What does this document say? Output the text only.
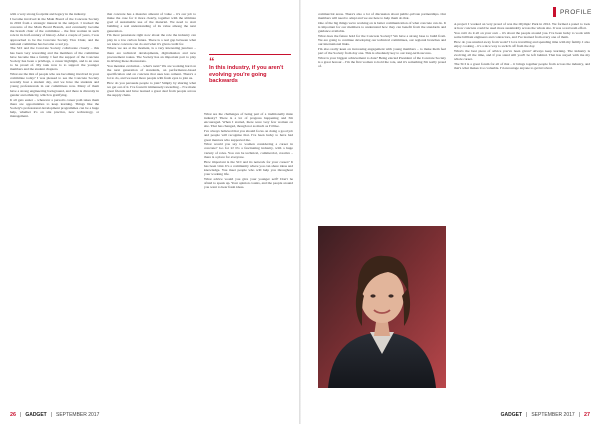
with a very strong footprint and legacy in the industry.

I became involved in the Main Board of the Concrete Society in 2016 from a strategic interest in the subject. I tracked the concerns of the Main Board Branch, and eventually became the branch chair of the committee – the first woman in such role in its half-century of history. After a couple of years, I was approached to be the Concrete Society Vice Chair, and the national committee has become a real joy.

The SCI and the Concrete Society collaborate closely – this has been very rewarding and the members of the committee have become like a family. I feel the support of the Concrete Society has been a privilege, a career highlight, and is an area to be proud of. My task now is to support the younger members and the student chapters.

What are the mix of people who are becoming involved in your committee today? I was pleased to see the Concrete Society recently host a student day, and we have the students and young professionals in our committees now. Many of them have a strong engineering background, and there is diversity in gender and ethnicity, which is gratifying.

It all gets easier – wherever a person's career path takes them there are opportunities to keep learning. Things like the Society's professional development programmes can be a huge help, whether it's on site practice, new technology, or management.

that concrete has a massive amount of value – it's our job to make the case for it more clearly, together with the ultimate goal of sustainable use of the material. We need to start building a real understanding of its value among the next generation.

I'm most passionate right now about the role the industry can play in a low carbon future. There is a real gap between what we know concrete can do and what it's given credit for.

Where we are at the moment, is a very interesting juncture – there are technical developments, digitalisation and new procurement routes. The Society has an important part to play in driving these discussions.

You mention evolution – what's next? We are working hard on the next generation of standards, on performance-based specification and on concrete that uses less cement. There's a lot to do, and we need more people with fresh eyes to join us.

How do you persuade people to join? Simply by sharing what we get out of it. I've found it immensely rewarding – I've made great friends and have learned a great deal from people across the supply chain.

“
In this industry, if you aren't evolving you're going backwards

What are the challenges of being part of a traditionally male industry? There is a lot of progress happening and I'm encouraged. When I started, there were very few women on site. That has changed, though not as much as I'd like.

I've always believed that you should focus on doing a good job and people will recognise that. I've been lucky to have had great mentors who supported me.

What would you say to women considering a career in concrete? Go for it! It's a fascinating industry, with a huge variety of roles. You can be technical, commercial, creative – there is a place for everyone.

How important is the SCI and its network for your career? It has been vital. It's a community where you can share ideas and knowledge. You meet people who will help you throughout your working life.

What advice would you give your younger self? Don't be afraid to speak up. Your opinion counts, and the people around you want to hear fresh ideas.

26 | GADGET | SEPTEMBER 2017
PROFILE

commercial areas. There's also a lot of discussion about public–private partnerships. Our members will need to adapt and we are here to help them do that.

One of the big things we're working on is better communication of what concrete can do. It is important for our members to understand how they can benefit from the standards and guidance available.

What does the future hold for the Concrete Society? We have a strong base to build from. We are going to continue developing our technical committees, our regional branches and our international links.

I'm also really keen on increasing engagement with young members – to make them feel part of the Society from day one. This is absolutely key to our long-term success.

What is your biggest achievement to date? Being elected President of the Concrete Society is a great honour – I'm the first woman to hold the role, and it's something I'm really proud of.

A project I worked on very proud of was the Olympic Park in 2012. We formed a panel to look at how concrete could be used more sustainably across the whole site. It was a real team effort.

You can't do it all on your own – it's about the people around you. I've been lucky to work with some brilliant engineers and contractors, and I've learned from every one of them.

How do you unwind away from work? I love travelling and spending time with my family. I also enjoy cooking – it's a nice way to switch off from the day.

What's the best piece of advice you've been given? Always keep learning. The industry is evolving all the time, and if you stand still you'll be left behind. That has stayed with me my whole career.

The SCI is a great forum for all of that – it brings together people from across the industry, and that's what makes it so valuable. I'd encourage anyone to get involved.

GADGET | SEPTEMBER 2017 | 27
